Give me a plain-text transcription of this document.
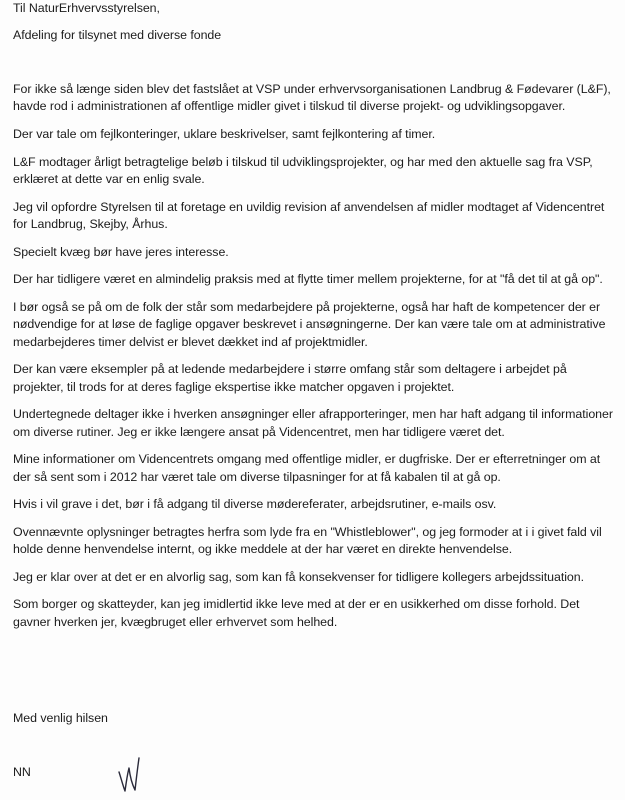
Til NaturErhvervsstyrelsen,

Afdeling for tilsynet med diverse fonde

For ikke så længe siden blev det fastslået at VSP under erhvervsorganisationen Landbrug & Fødevarer (L&F), havde rod i administrationen af offentlige midler givet i tilskud til diverse projekt- og udviklingsopgaver.

Der var tale om fejlkonteringer, uklare beskrivelser, samt fejlkontering af timer.

L&F modtager årligt betragtelige beløb i tilskud til udviklingsprojekter, og har med den aktuelle sag fra VSP, erklæret at dette var en enlig svale.

Jeg vil opfordre Styrelsen til at foretage en uvildig revision af anvendelsen af midler modtaget af Videncentret for Landbrug, Skejby, Århus.

Specielt kvæg bør have jeres interesse.

Der har tidligere været en almindelig praksis med at flytte timer mellem projekterne, for at "få det til at gå op".

I bør også se på om de folk der står som medarbejdere på projekterne, også har haft de kompetencer der er nødvendige for at løse de faglige opgaver beskrevet i ansøgningerne. Der kan være tale om at administrative medarbejderes timer delvist er blevet dækket ind af projektmidler.

Der kan være eksempler på at ledende medarbejdere i større omfang står som deltagere i arbejdet på projekter, til trods for at deres faglige ekspertise ikke matcher opgaven i projektet.

Undertegnede deltager ikke i hverken ansøgninger eller afrapporteringer, men har haft adgang til informationer om diverse rutiner. Jeg er ikke længere ansat på Videncentret, men har tidligere været det.

Mine informationer om Videncentrets omgang med offentlige midler, er dugfriske. Der er efterretninger om at der så sent som i 2012 har været tale om diverse tilpasninger for at få kabalen til at gå op.

Hvis i vil grave i det, bør i få adgang til diverse mødereferater, arbejdsrutiner, e-mails osv.

Ovennævnte oplysninger betragtes herfra som lyde fra en "Whistleblower", og jeg formoder at i i givet fald vil holde denne henvendelse internt, og ikke meddele at der har været en direkte henvendelse.

Jeg er klar over at det er en alvorlig sag, som kan få konsekvenser for tidligere kollegers arbejdssituation.

Som borger og skatteyder, kan jeg imidlertid ikke leve med at der er en usikkerhed om disse forhold. Det gavner hverken jer, kvægbruget eller erhvervet som helhed.

Med venlig hilsen

NN
